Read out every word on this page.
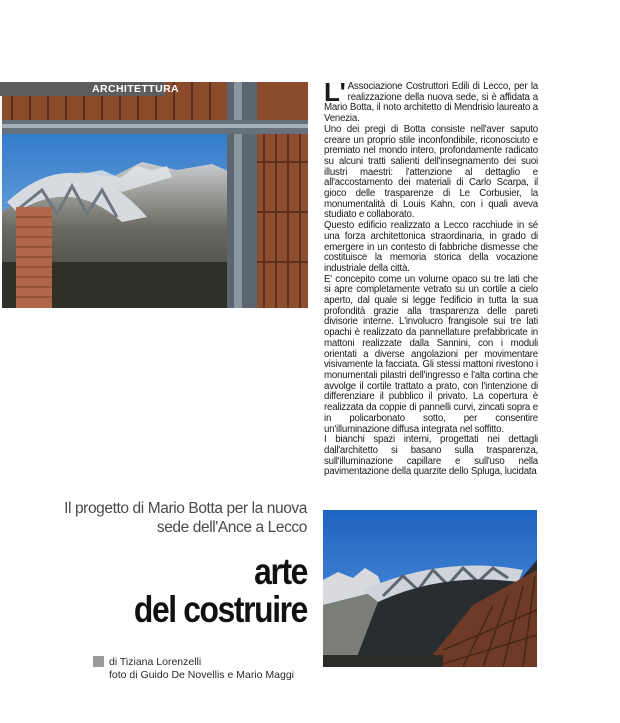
ARCHITETTURA	L' Associazione Costruttori Edili di Lecco, per la realizzazione della nuova sede, si è affidata a Mario Botta, il noto architetto di Mendrisio laureato a Venezia.

Uno dei pregi di Botta consiste nell'aver saputo creare un proprio stile inconfondibile, riconosciuto e premiato nel mondo intero, profondamente radicato su alcuni tratti salienti dell'insegnamento dei suoi illustri maestri: l'attenzione al dettaglio e all'accostamento dei materiali di Carlo Scarpa, il gioco delle trasparenze di Le Corbusier, la monumentalità di Louis Kahn, con i quali aveva studiato e collaborato.

Questo edificio realizzato a Lecco racchiude in sé una forza architettonica straordinaria, in grado di emergere in un contesto di fabbriche dismesse che costituisce la memoria storica della vocazione industriale della città.

E' concepito come un volume opaco su tre lati che si apre completamente vetrato su un cortile a cielo aperto, dal quale si legge l'edificio in tutta la sua profondità grazie alla trasparenza delle pareti divisorie interne. L'involucro frangisole sui tre lati opachi è realizzato da pannellature prefabbricate in mattoni realizzate dalla Sannini, con i moduli orientati a diverse angolazioni per movimentare visivamente la facciata. Gli stessi mattoni rivestono i monumentali pilastri dell'ingresso e l'alta cortina che avvolge il cortile trattato a prato, con l'intenzione di differenziare il pubblico il privato. La copertura è realizzata da coppie di pannelli curvi, zincati sopra e in policarbonato sotto, per consentire un'illuminazione diffusa integrata nel soffitto.

I bianchi spazi interni, progettati nei dettagli dall'architetto si basano sulla trasparenza, sull'illuminazione capillare e sull'uso nella pavimentazione della quarzite dello Spluga, lucidata

Il progetto di Mario Botta per la nuova sede dell'Ance a Lecco
arte
del costruire
di Tiziana Lorenzelli
foto di Guido De Novellis e Mario Maggi
